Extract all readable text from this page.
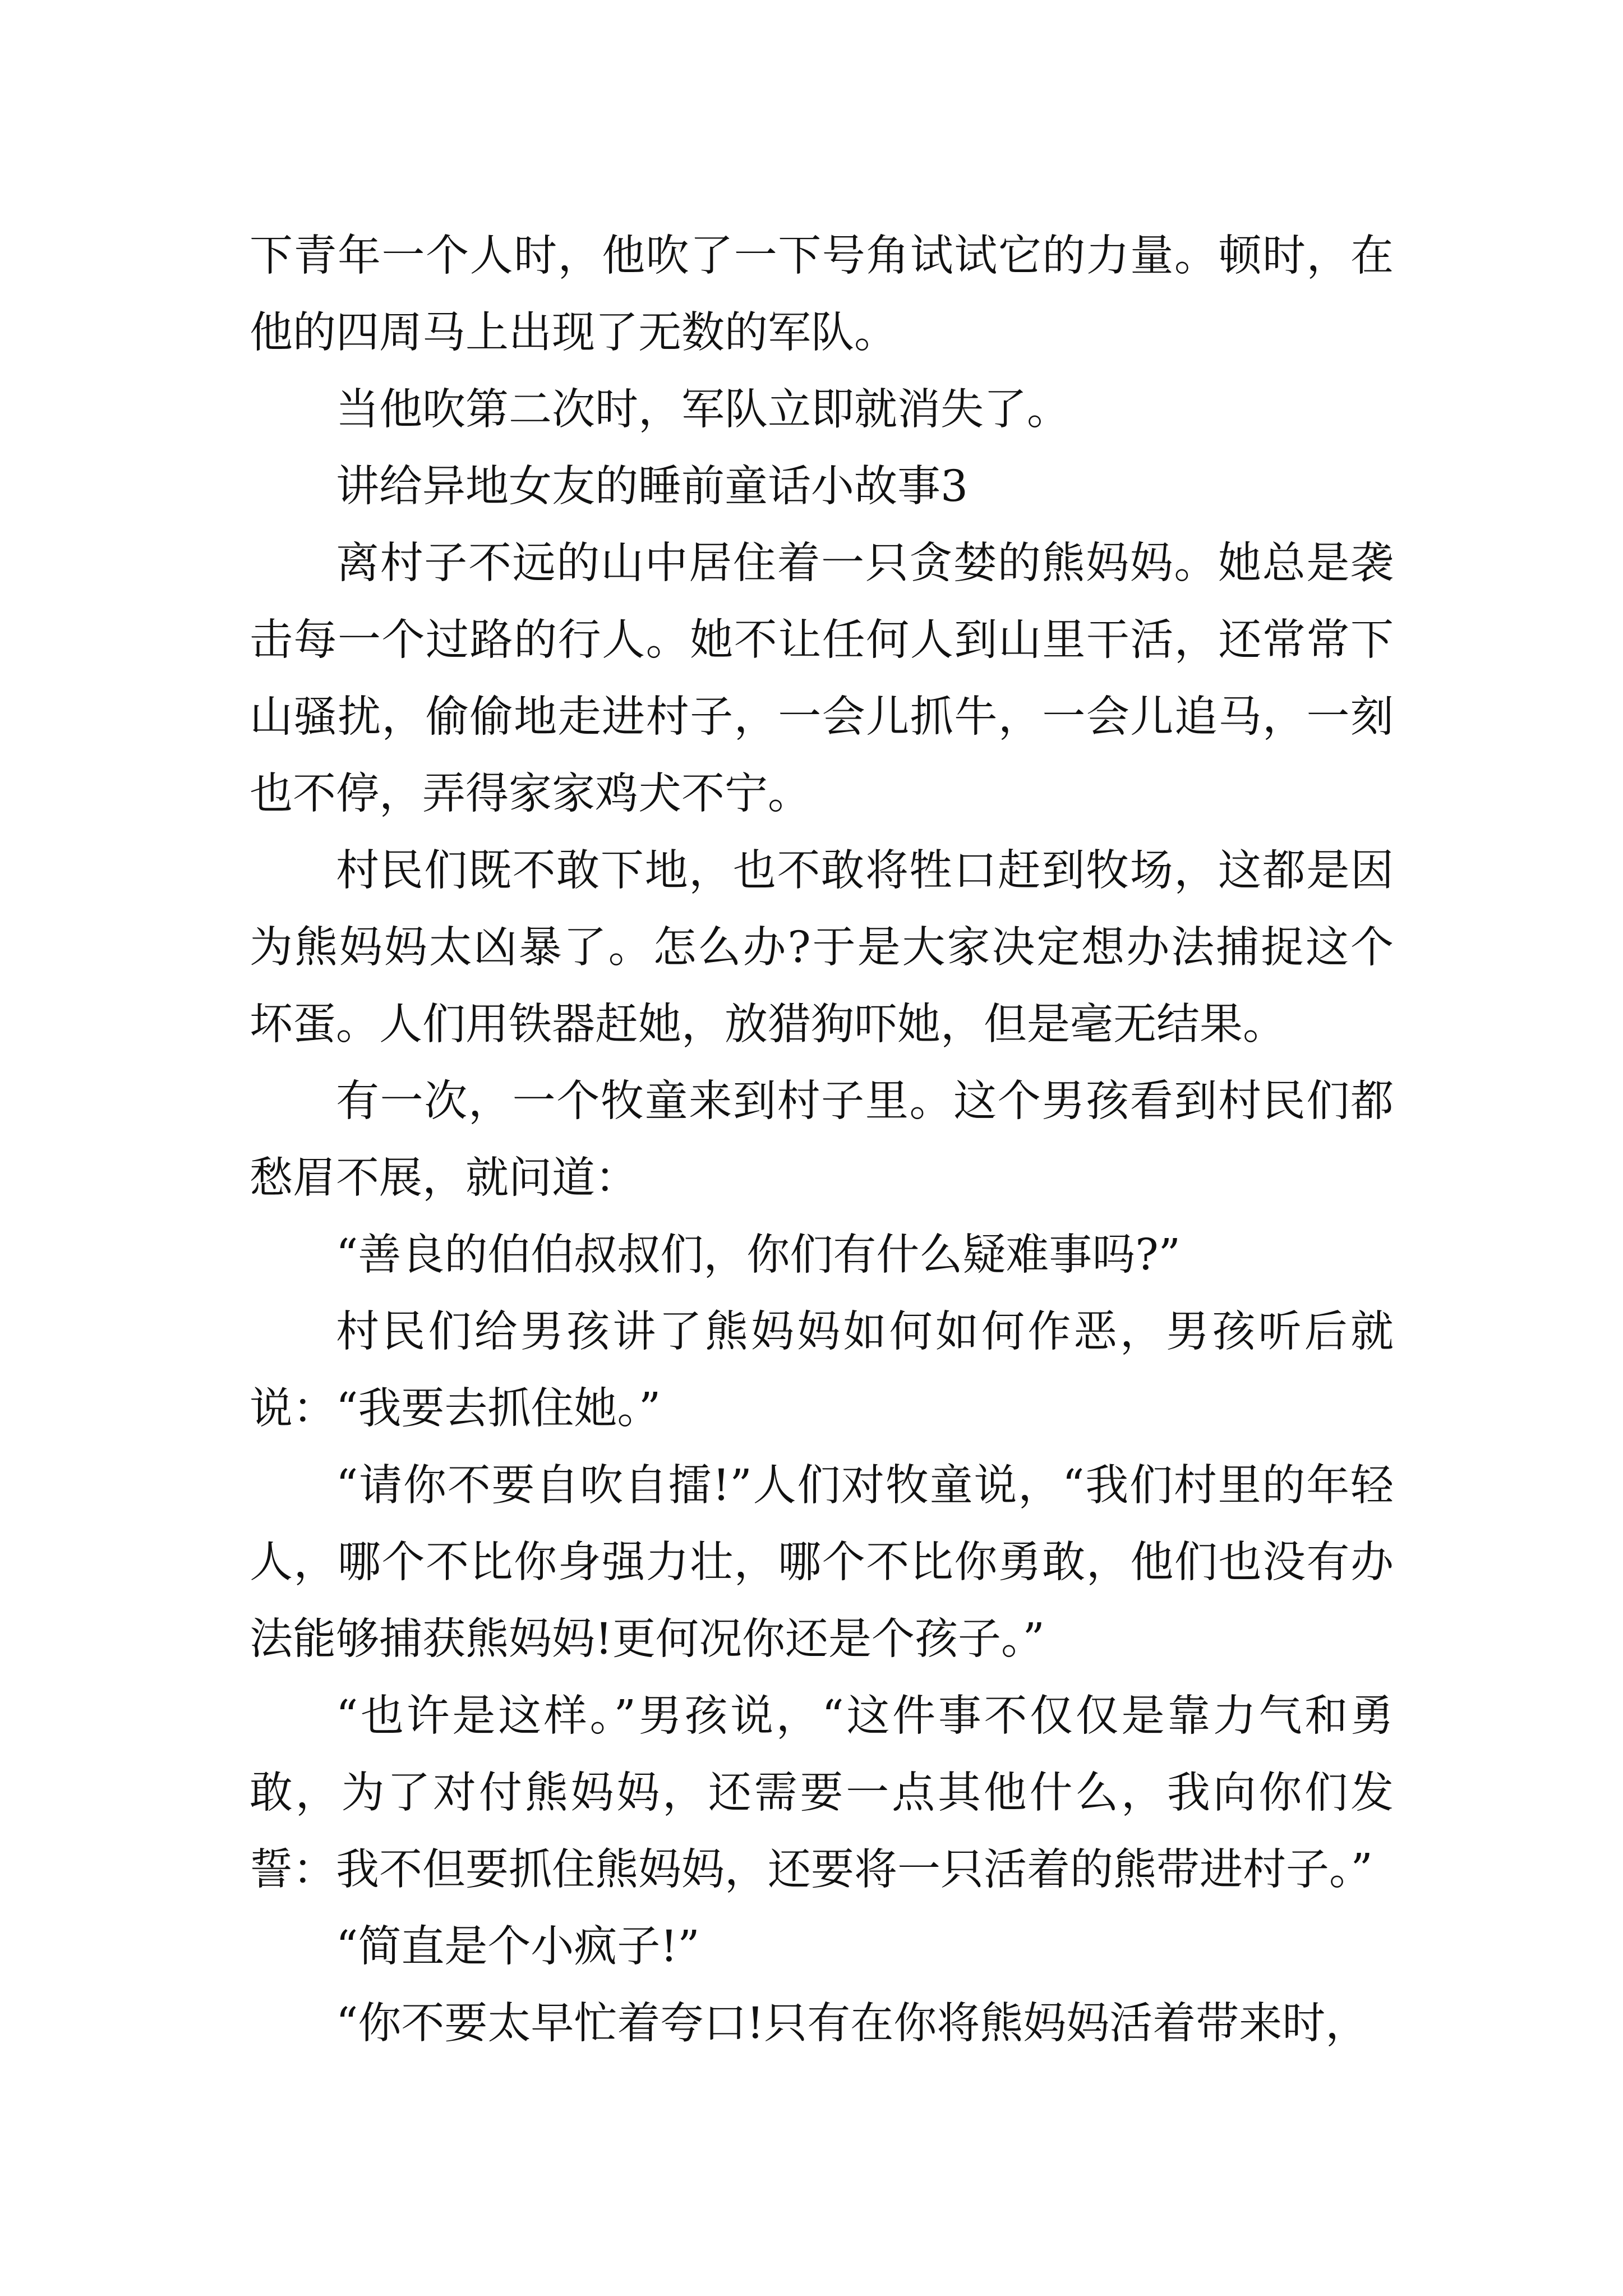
下青年一个人时，他吹了一下号角试试它的力量。顿时，在他的四周马上出现了无数的军队。

当他吹第二次时，军队立即就消失了。

讲给异地女友的睡前童话小故事3

离村子不远的山中居住着一只贪婪的熊妈妈。她总是袭击每一个过路的行人。她不让任何人到山里干活，还常常下山骚扰，偷偷地走进村子，一会儿抓牛，一会儿追马，一刻也不停，弄得家家鸡犬不宁。

村民们既不敢下地，也不敢将牲口赶到牧场，这都是因为熊妈妈太凶暴了。怎么办?于是大家决定想办法捕捉这个坏蛋。人们用铁器赶她，放猎狗吓她，但是毫无结果。

有一次，一个牧童来到村子里。这个男孩看到村民们都愁眉不展，就问道：

“善良的伯伯叔叔们，你们有什么疑难事吗?”

村民们给男孩讲了熊妈妈如何如何作恶，男孩听后就说：“我要去抓住她。”

“请你不要自吹自擂!”人们对牧童说，“我们村里的年轻人，哪个不比你身强力壮，哪个不比你勇敢，他们也没有办法能够捕获熊妈妈!更何况你还是个孩子。”

“也许是这样。”男孩说，“这件事不仅仅是靠力气和勇敢，为了对付熊妈妈，还需要一点其他什么，我向你们发誓：我不但要抓住熊妈妈，还要将一只活着的熊带进村子。”

“简直是个小疯子!”

“你不要太早忙着夸口!只有在你将熊妈妈活着带来时，
